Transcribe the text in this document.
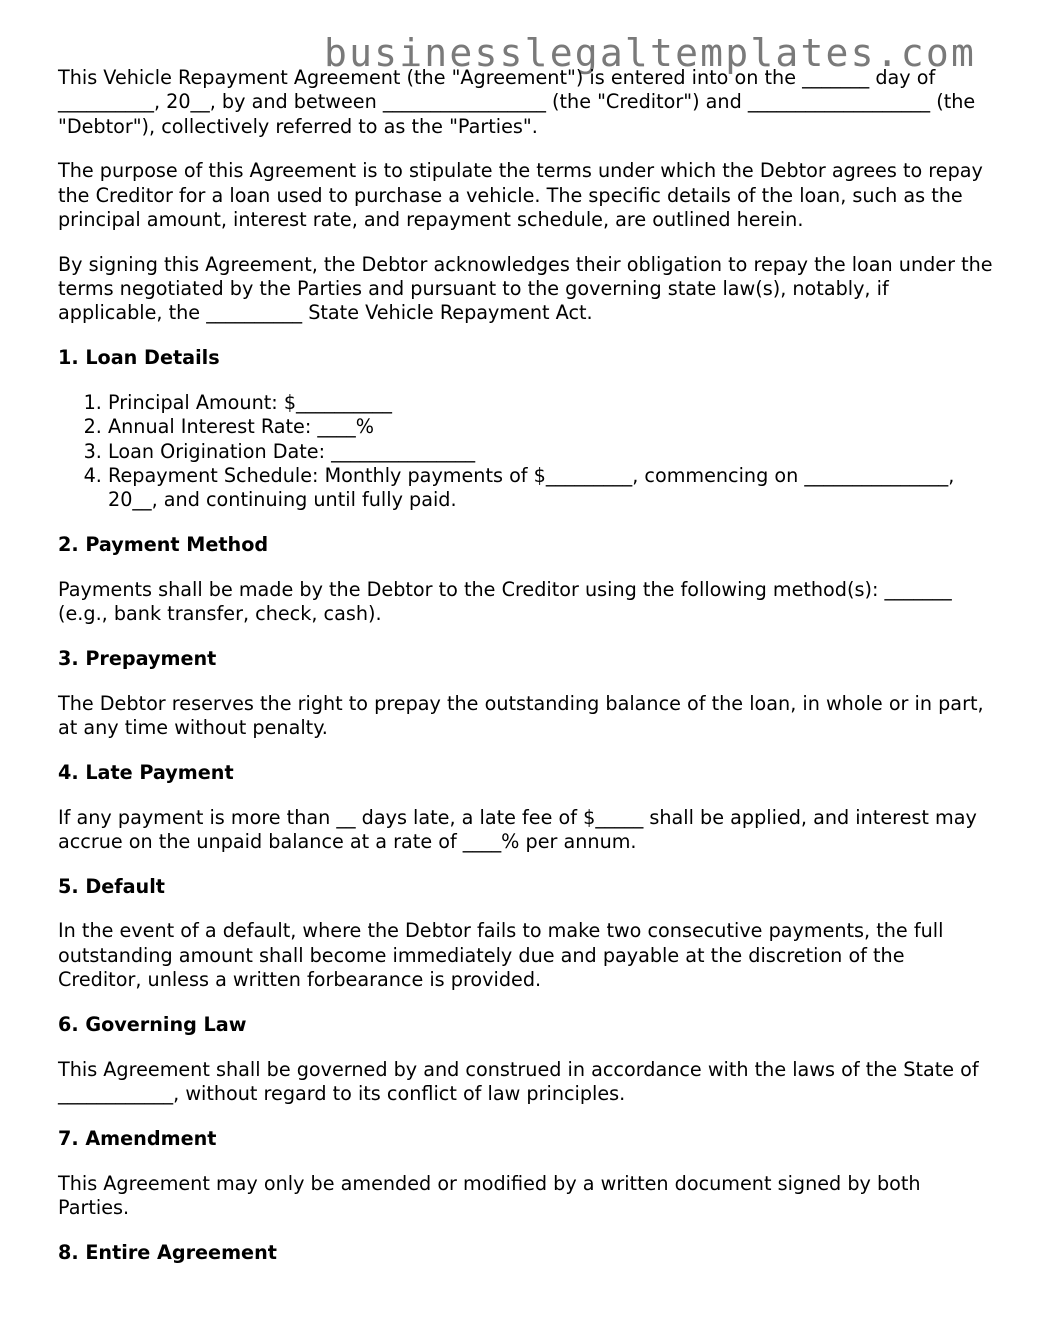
businesslegaltemplates.com

This Vehicle Repayment Agreement (the "Agreement") is entered into on the _______ day of __________, 20__, by and between _________________ (the "Creditor") and ___________________ (the "Debtor"), collectively referred to as the "Parties".

The purpose of this Agreement is to stipulate the terms under which the Debtor agrees to repay the Creditor for a loan used to purchase a vehicle. The specific details of the loan, such as the principal amount, interest rate, and repayment schedule, are outlined herein.

By signing this Agreement, the Debtor acknowledges their obligation to repay the loan under the terms negotiated by the Parties and pursuant to the governing state law(s), notably, if applicable, the __________ State Vehicle Repayment Act.

1. Loan Details
1. Principal Amount: $__________
2. Annual Interest Rate: ____%
3. Loan Origination Date: _______________
4. Repayment Schedule: Monthly payments of $_________, commencing on _______________, 20__, and continuing until fully paid.
2. Payment Method

Payments shall be made by the Debtor to the Creditor using the following method(s): _______ (e.g., bank transfer, check, cash).

3. Prepayment

The Debtor reserves the right to prepay the outstanding balance of the loan, in whole or in part, at any time without penalty.

4. Late Payment

If any payment is more than __ days late, a late fee of $_____ shall be applied, and interest may accrue on the unpaid balance at a rate of ____% per annum.

5. Default

In the event of a default, where the Debtor fails to make two consecutive payments, the full outstanding amount shall become immediately due and payable at the discretion of the Creditor, unless a written forbearance is provided.

6. Governing Law

This Agreement shall be governed by and construed in accordance with the laws of the State of ____________, without regard to its conflict of law principles.

7. Amendment

This Agreement may only be amended or modified by a written document signed by both Parties.

8. Entire Agreement
